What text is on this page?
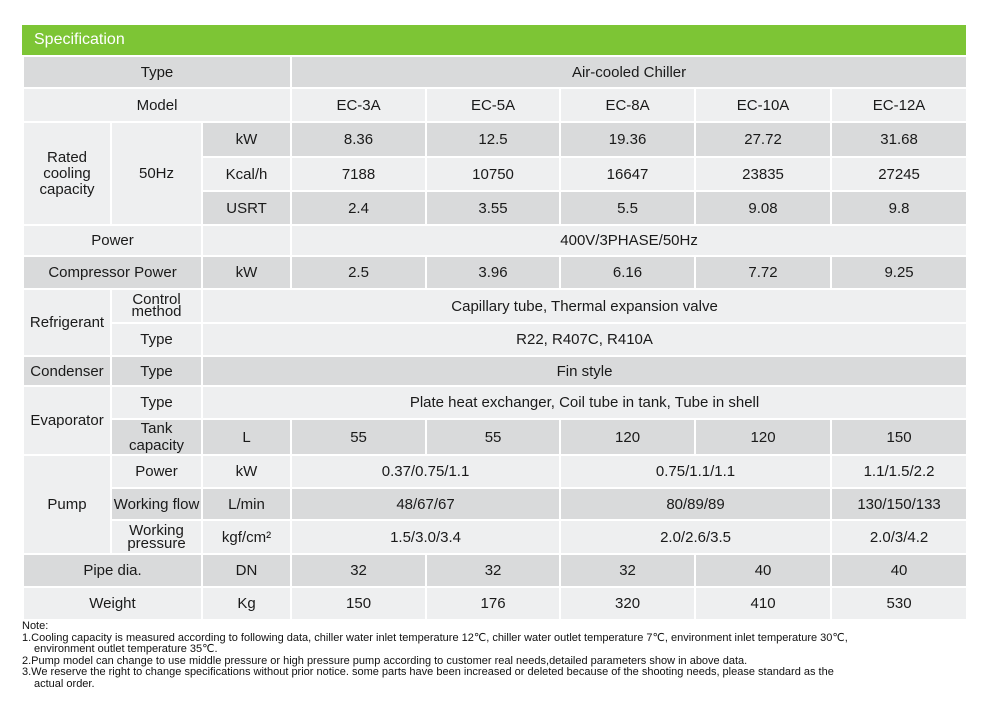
Specification
Type			Air-cooled Chiller				
Model			EC-3A	EC-5A	EC-8A	EC-10A	EC-12A
Rated cooling capacity	50Hz	kW	8.36	12.5	19.36	27.72	31.68
		Kcal/h	7188	10750	16647	23835	27245
		USRT	2.4	3.55	5.5	9.08	9.8
Power			400V/3PHASE/50Hz				
Compressor Power		kW	2.5	3.96	6.16	7.72	9.25
Refrigerant	Control method	Capillary tube, Thermal expansion valve					
	Type	R22, R407C, R410A					
Condenser	Type	Fin style					
Evaporator	Type	Plate heat exchanger, Coil tube in tank, Tube in shell					
	Tank capacity	L	55	55	120	120	150
Pump	Power	kW	0.37/0.75/1.1		0.75/1.1/1.1		1.1/1.5/2.2
	Working flow	L/min	48/67/67		80/89/89		130/150/133
	Working pressure	kgf/cm²	1.5/3.0/3.4		2.0/2.6/3.5		2.0/3/4.2
Pipe dia.		DN	32	32	32	40	40
Weight		Kg	150	176	320	410	530
Note:
1.Cooling capacity is measured according to following data, chiller water inlet temperature 12℃, chiller water outlet temperature 7℃, environment inlet temperature 30℃,
environment outlet temperature 35℃.
2.Pump model can change to use middle pressure or high pressure pump according to customer real needs,detailed parameters show in above data.
3.We reserve the right to change specifications without prior notice. some parts have been increased or deleted because of the shooting needs, please standard as the
actual order.
